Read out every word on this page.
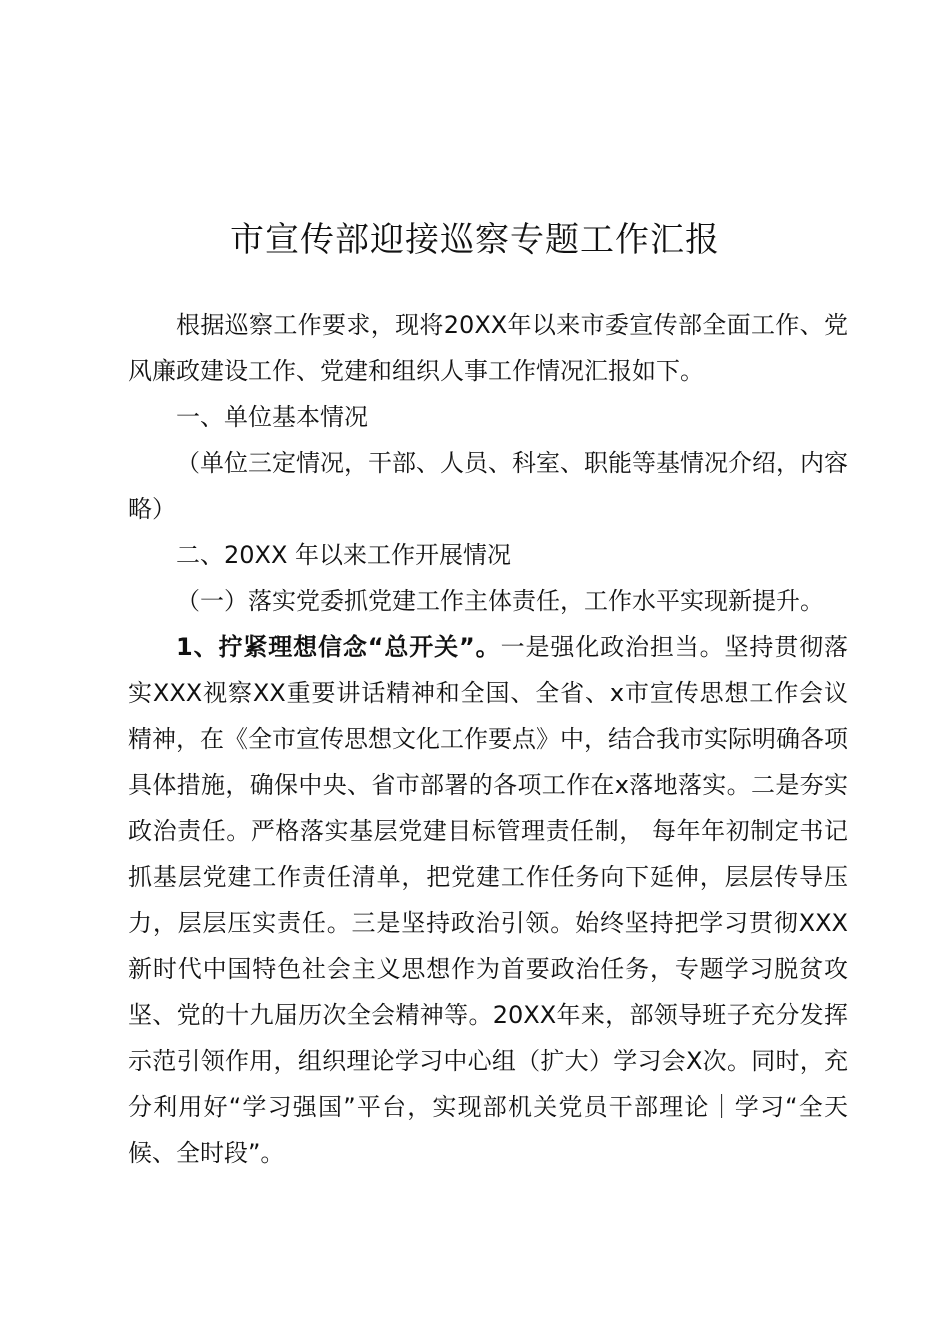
市宣传部迎接巡察专题工作汇报

根据巡察工作要求，现将20XX年以来市委宣传部全面工作、党风廉政建设工作、党建和组织人事工作情况汇报如下。

一、单位基本情况

（单位三定情况，干部、人员、科室、职能等基情况介绍，内容略）

二、20XX 年以来工作开展情况

（一）落实党委抓党建工作主体责任，工作水平实现新提升。

1、拧紧理想信念“总开关”。一是强化政治担当。坚持贯彻落实XXX视察XX重要讲话精神和全国、全省、x市宣传思想工作会议精神，在《全市宣传思想文化工作要点》中，结合我市实际明确各项具体措施，确保中央、省市部署的各项工作在x落地落实。二是夯实政治责任。严格落实基层党建目标管理责任制， 每年年初制定书记抓基层党建工作责任清单，把党建工作任务向下延伸，层层传导压力，层层压实责任。三是坚持政治引领。始终坚持把学习贯彻XXX新时代中国特色社会主义思想作为首要政治任务，专题学习脱贫攻坚、党的十九届历次全会精神等。20XX年来，部领导班子充分发挥示范引领作用，组织理论学习中心组（扩大）学习会X次。同时，充分利用好“学习强国”平台，实现部机关党员干部理论｜学习“全天候、全时段”。
